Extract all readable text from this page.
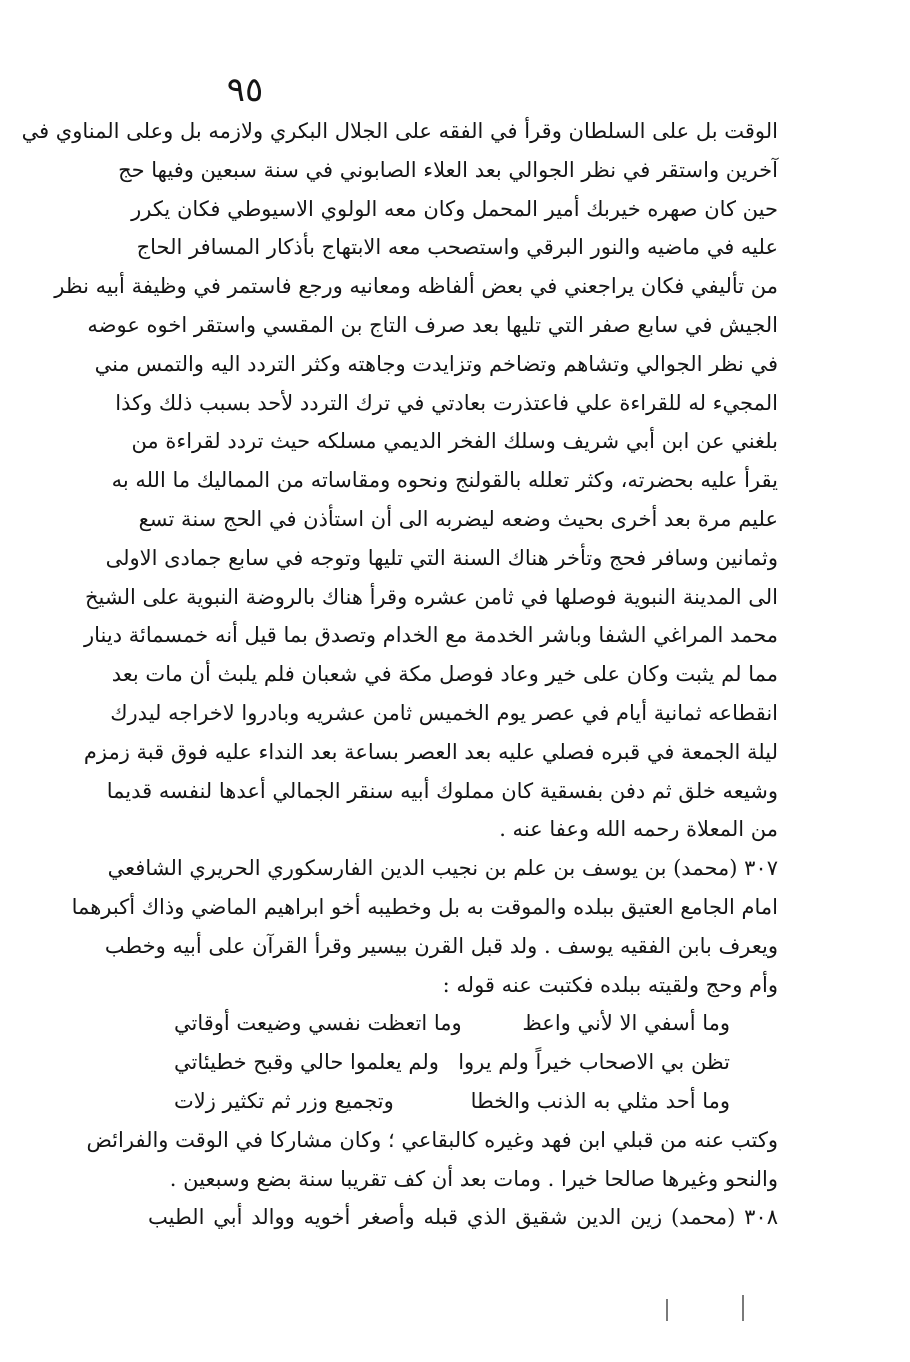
٩٥
الوقت بل على السلطان وقرأ في الفقه على الجلال البكري ولازمه بل وعلى المناوي في
آخرين واستقر في نظر الجوالي بعد العلاء الصابوني في سنة سبعين وفيها حج
حين كان صهره خيربك أمير المحمل وكان معه الولوي الاسيوطي فكان يكرر
عليه في ماضيه والنور البرقي واستصحب معه الابتهاج بأذكار المسافر الحاج
من تأليفي فكان يراجعني في بعض ألفاظه ومعانيه ورجع فاستمر في وظيفة أبيه نظر
الجيش في سابع صفر التي تليها بعد صرف التاج بن المقسي واستقر اخوه عوضه
في نظر الجوالي وتشاهم وتضاخم وتزايدت وجاهته وكثر التردد اليه والتمس مني
المجيء له للقراءة علي فاعتذرت بعادتي في ترك التردد لأحد بسبب ذلك وكذا
بلغني عن ابن أبي شريف وسلك الفخر الديمي مسلكه حيث تردد لقراءة من
يقرأ عليه بحضرته، وكثر تعلله بالقولنج ونحوه ومقاساته من المماليك ما الله به
عليم مرة بعد أخرى بحيث وضعه ليضربه الى أن استأذن في الحج سنة تسع
وثمانين وسافر فحج وتأخر هناك السنة التي تليها وتوجه في سابع جمادى الاولى
الى المدينة النبوية فوصلها في ثامن عشره وقرأ هناك بالروضة النبوية على الشيخ
محمد المراغي الشفا وباشر الخدمة مع الخدام وتصدق بما قيل أنه خمسمائة دينار
مما لم يثبت وكان على خير وعاد فوصل مكة في شعبان فلم يلبث أن مات بعد
انقطاعه ثمانية أيام في عصر يوم الخميس ثامن عشريه وبادروا لاخراجه ليدرك
ليلة الجمعة في قبره فصلي عليه بعد العصر بساعة بعد النداء عليه فوق قبة زمزم
وشيعه خلق ثم دفن بفسقية كان مملوك أبيه سنقر الجمالي أعدها لنفسه قديما
من المعلاة رحمه الله وعفا عنه .
٣٠٧ (محمد) بن يوسف بن علم بن نجيب الدين الفارسكوري الحريري الشافعي
امام الجامع العتيق ببلده والموقت به بل وخطيبه أخو ابراهيم الماضي وذاك أكبرهما
ويعرف بابن الفقيه يوسف . ولد قبل القرن بيسير وقرأ القرآن على أبيه وخطب
وأم وحج ولقيته ببلده فكتبت عنه قوله :
وما أسفي الا لأني واعظ
وما اتعظت نفسي وضيعت أوقاتي
تظن بي الاصحاب خيراً ولم يروا
ولم يعلموا حالي وقبح خطيئاتي
وما أحد مثلي به الذنب والخطا
وتجميع وزر ثم تكثير زلات
وكتب عنه من قبلي ابن فهد وغيره كالبقاعي ؛ وكان مشاركا في الوقت والفرائض
والنحو وغيرها صالحا خيرا . ومات بعد أن كف تقريبا سنة بضع وسبعين .
٣٠٨ (محمد) زين الدين شقيق الذي قبله وأصغر أخويه ووالد أبي الطيب
